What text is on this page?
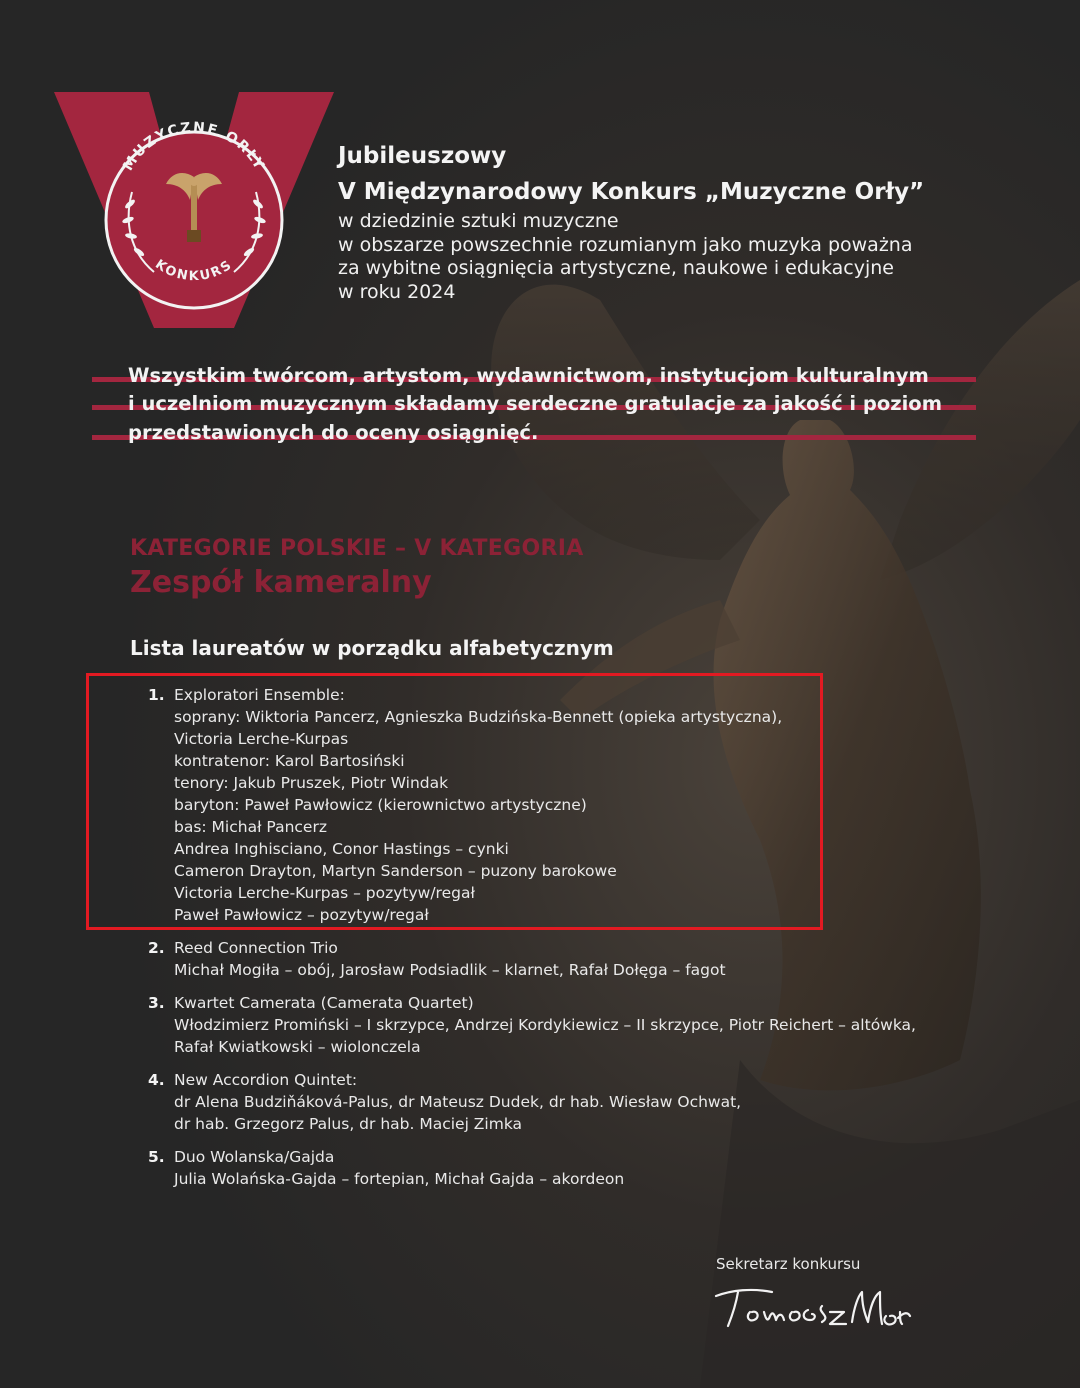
MUZYCZNE ORŁY
KONKURS
Jubileuszowy
V Międzynarodowy Konkurs „Muzyczne Orły”
w dziedzinie sztuki muzyczne
w obszarze powszechnie rozumianym jako muzyka poważna
za wybitne osiągnięcia artystyczne, naukowe i edukacyjne
w roku 2024
Wszystkim twórcom, artystom, wydawnictwom, instytucjom kulturalnym
i uczelniom muzycznym składamy serdeczne gratulacje za jakość i poziom
przedstawionych do oceny osiągnięć.
KATEGORIE POLSKIE – V KATEGORIA
Zespół kameralny
Lista laureatów w porządku alfabetycznym
1. Exploratori Ensemble:
soprany: Wiktoria Pancerz, Agnieszka Budzińska-Bennett (opieka artystyczna),
Victoria Lerche-Kurpas
kontratenor: Karol Bartosiński
tenory: Jakub Pruszek, Piotr Windak
baryton: Paweł Pawłowicz (kierownictwo artystyczne)
bas: Michał Pancerz
Andrea Inghisciano, Conor Hastings – cynki
Cameron Drayton, Martyn Sanderson – puzony barokowe
Victoria Lerche-Kurpas – pozytyw/regał
Paweł Pawłowicz – pozytyw/regał
2. Reed Connection Trio
Michał Mogiła – obój, Jarosław Podsiadlik – klarnet, Rafał Dołęga – fagot
3. Kwartet Camerata (Camerata Quartet)
Włodzimierz Promiński – I skrzypce, Andrzej Kordykiewicz – II skrzypce, Piotr Reichert – altówka,
Rafał Kwiatkowski – wiolonczela
4. New Accordion Quintet:
dr Alena Budziňáková-Palus, dr Mateusz Dudek, dr hab. Wiesław Ochwat,
dr hab. Grzegorz Palus, dr hab. Maciej Zimka
5. Duo Wolanska/Gajda
Julia Wolańska-Gajda – fortepian, Michał Gajda – akordeon
Sekretarz konkursu
